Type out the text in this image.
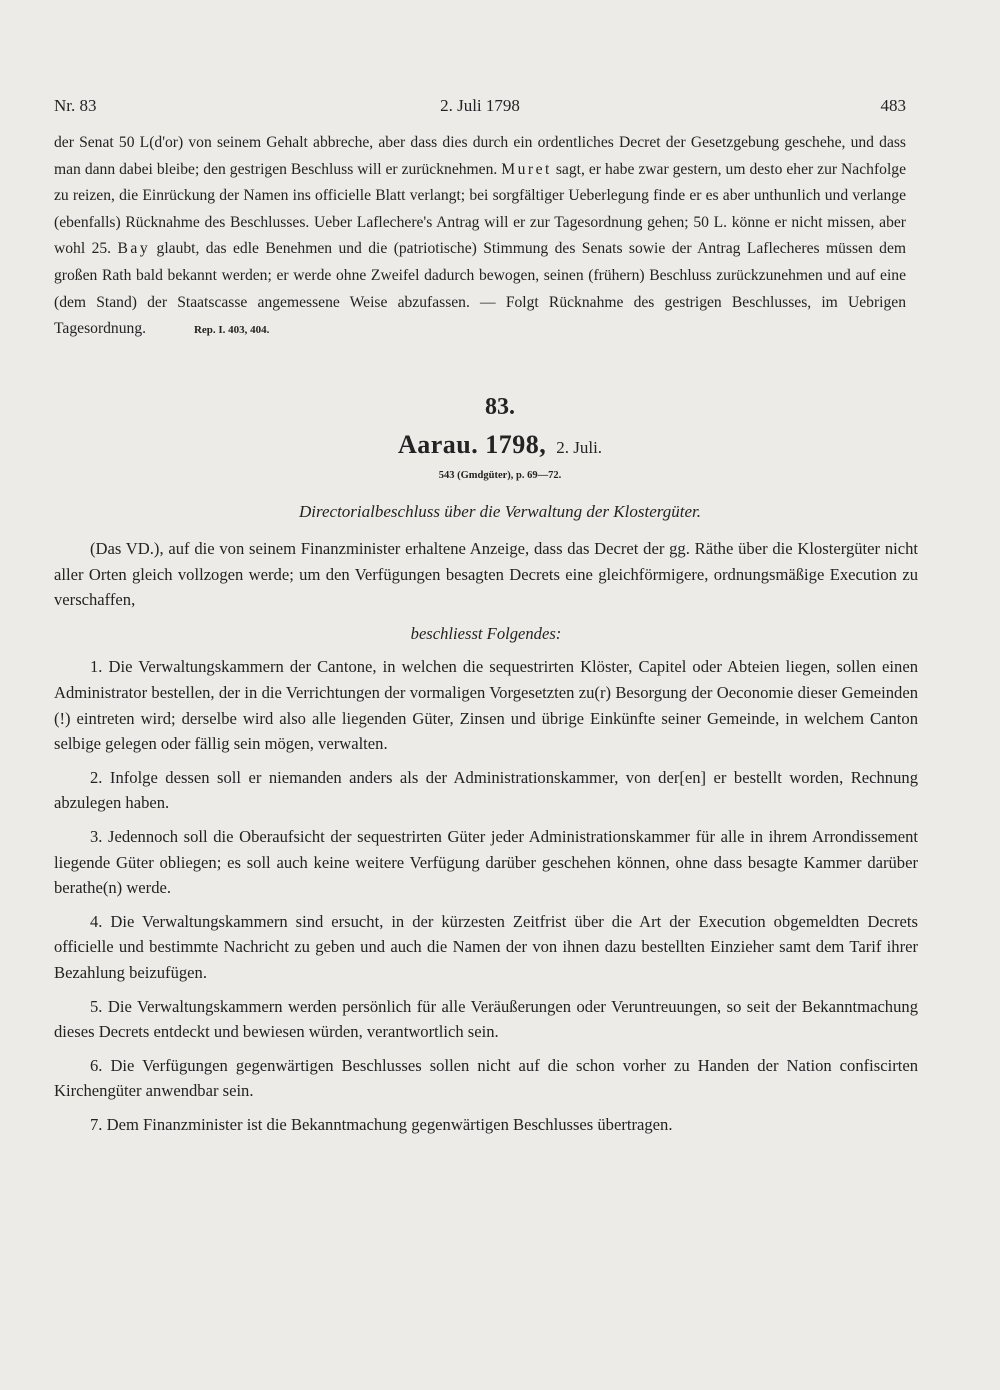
Nr. 83	2. Juli 1798	483
der Senat 50 L(d'or) von seinem Gehalt abbreche, aber dass dies durch ein ordentliches Decret der Gesetzgebung geschehe, und dass man dann dabei bleibe; den gestrigen Beschluss will er zurücknehmen. Muret sagt, er habe zwar gestern, um desto eher zur Nachfolge zu reizen, die Einrückung der Namen ins officielle Blatt verlangt; bei sorgfältiger Ueberlegung finde er es aber unthunlich und verlange (ebenfalls) Rücknahme des Beschlusses. Ueber Laflechere's Antrag will er zur Tagesordnung gehen; 50 L. könne er nicht missen, aber wohl 25. Bay glaubt, das edle Benehmen und die (patriotische) Stimmung des Senats sowie der Antrag Laflecheres müssen dem großen Rath bald bekannt werden; er werde ohne Zweifel dadurch bewogen, seinen (frühern) Beschluss zurückzunehmen und auf eine (dem Stand) der Staatscasse angemessene Weise abzufassen. — Folgt Rücknahme des gestrigen Beschlusses, im Uebrigen Tagesordnung.	Rep. I. 403, 404.
83.
Aarau. 1798, 2. Juli.
543 (Gmdgüter), p. 69—72.
Directorialbeschluss über die Verwaltung der Klostergüter.

(Das VD.), auf die von seinem Finanzminister erhaltene Anzeige, dass das Decret der gg. Räthe über die Klostergüter nicht aller Orten gleich vollzogen werde; um den Verfügungen besagten Decrets eine gleichförmigere, ordnungsmäßige Execution zu verschaffen,

beschliesst Folgendes:

1. Die Verwaltungskammern der Cantone, in welchen die sequestrirten Klöster, Capitel oder Abteien liegen, sollen einen Administrator bestellen, der in die Verrichtungen der vormaligen Vorgesetzten zu(r) Besorgung der Oeconomie dieser Gemeinden (!) eintreten wird; derselbe wird also alle liegenden Güter, Zinsen und übrige Einkünfte seiner Gemeinde, in welchem Canton selbige gelegen oder fällig sein mögen, verwalten.

2. Infolge dessen soll er niemanden anders als der Administrationskammer, von der[en] er bestellt worden, Rechnung abzulegen haben.

3. Jedennoch soll die Oberaufsicht der sequestrirten Güter jeder Administrationskammer für alle in ihrem Arrondissement liegende Güter obliegen; es soll auch keine weitere Verfügung darüber geschehen können, ohne dass besagte Kammer darüber berathe(n) werde.

4. Die Verwaltungskammern sind ersucht, in der kürzesten Zeitfrist über die Art der Execution obgemeldten Decrets officielle und bestimmte Nachricht zu geben und auch die Namen der von ihnen dazu bestellten Einzieher samt dem Tarif ihrer Bezahlung beizufügen.

5. Die Verwaltungskammern werden persönlich für alle Veräußerungen oder Veruntreuungen, so seit der Bekanntmachung dieses Decrets entdeckt und bewiesen würden, verantwortlich sein.

6. Die Verfügungen gegenwärtigen Beschlusses sollen nicht auf die schon vorher zu Handen der Nation confiscirten Kirchengüter anwendbar sein.

7. Dem Finanzminister ist die Bekanntmachung gegenwärtigen Beschlusses übertragen.
